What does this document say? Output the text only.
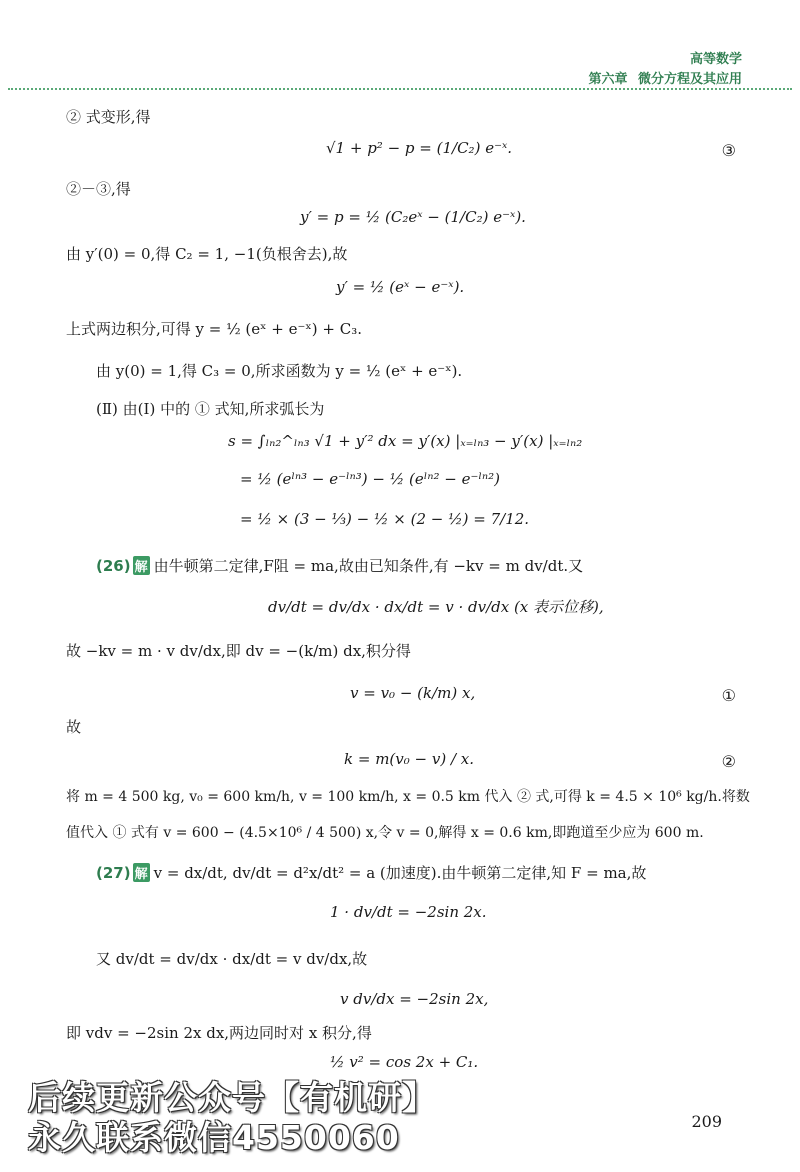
高等数学
第六章 微分方程及其应用
② 式变形,得
√1 + p² − p = (1/C₂) e⁻ˣ.	③
②－③,得
y′ = p = ½ (C₂eˣ − (1/C₂) e⁻ˣ).
由 y′(0) = 0,得 C₂ = 1, −1(负根舍去),故
y′ = ½ (eˣ − e⁻ˣ).
上式两边积分,可得 y = ½ (eˣ + e⁻ˣ) + C₃.
由 y(0) = 1,得 C₃ = 0,所求函数为 y = ½ (eˣ + e⁻ˣ).
(Ⅱ) 由(Ⅰ) 中的 ① 式知,所求弧长为
s = ∫ₗₙ₂^ₗₙ₃ √1 + y′² dx = y′(x) |ₓ₌ₗₙ₃ − y′(x) |ₓ₌ₗₙ₂
= ½ (eˡⁿ³ − e⁻ˡⁿ³) − ½ (eˡⁿ² − e⁻ˡⁿ²)
= ½ × (3 − ⅓) − ½ × (2 − ½) = 7/12.
(26) 解 由牛顿第二定律,F阻 = ma,故由已知条件,有 −kv = m dv/dt.又
dv/dt = dv/dx · dx/dt = v · dv/dx (x 表示位移),
故 −kv = m · v dv/dx,即 dv = −(k/m) dx,积分得
v = v₀ − (k/m) x,	①
故
k = m(v₀ − v) / x.	②
将 m = 4 500 kg, v₀ = 600 km/h, v = 100 km/h, x = 0.5 km 代入 ② 式,可得 k = 4.5 × 10⁶ kg/h.将数
值代入 ① 式有 v = 600 − (4.5×10⁶ / 4 500) x,令 v = 0,解得 x = 0.6 km,即跑道至少应为 600 m.
(27) 解 v = dx/dt, dv/dt = d²x/dt² = a (加速度).由牛顿第二定律,知 F = ma,故
1 · dv/dt = −2sin 2x.
又 dv/dt = dv/dx · dx/dt = v dv/dx,故
v dv/dx = −2sin 2x,
即 vdv = −2sin 2x dx,两边同时对 x 积分,得
½ v² = cos 2x + C₁.
后续更新公众号【有机研】
永久联系微信4550060	209
